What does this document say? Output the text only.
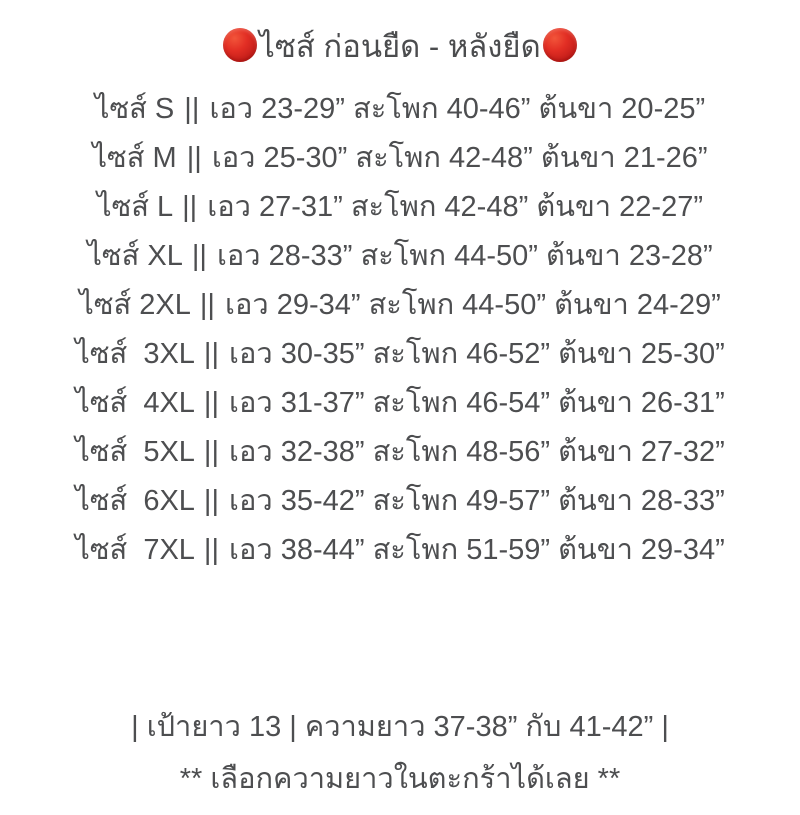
ไซส์ ก่อนยืด - หลังยืด
ไซส์ S || เอว 23-29” สะโพก 40-46” ต้นขา 20-25”
ไซส์ M || เอว 25-30” สะโพก 42-48” ต้นขา 21-26”
ไซส์ L || เอว 27-31” สะโพก 42-48” ต้นขา 22-27”
ไซส์ XL || เอว 28-33” สะโพก 44-50” ต้นขา 23-28”
ไซส์ 2XL || เอว 29-34” สะโพก 44-50” ต้นขา 24-29”
ไซส์  3XL || เอว 30-35” สะโพก 46-52” ต้นขา 25-30”
ไซส์  4XL || เอว 31-37” สะโพก 46-54” ต้นขา 26-31”
ไซส์  5XL || เอว 32-38” สะโพก 48-56” ต้นขา 27-32”
ไซส์  6XL || เอว 35-42” สะโพก 49-57” ต้นขา 28-33”
ไซส์  7XL || เอว 38-44” สะโพก 51-59” ต้นขา 29-34”
| เป้ายาว 13 | ความยาว 37-38” กับ 41-42” |
** เลือกความยาวในตะกร้าได้เลย **
